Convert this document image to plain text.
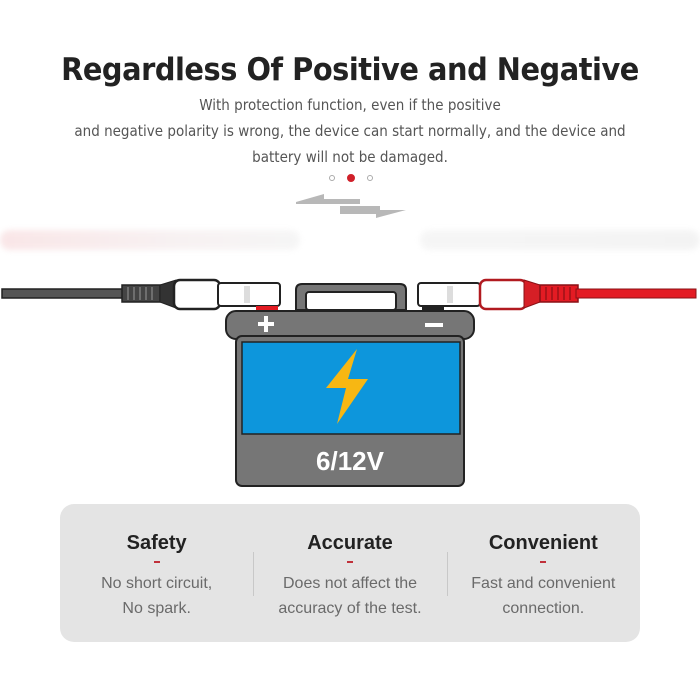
Regardless Of Positive and Negative
With protection function, even if the positive
and negative polarity is wrong, the device can start normally, and the device and
battery will not be damaged.
6/12V
Safety
No short circuit,
No spark.
Accurate
Does not affect the
accuracy of the test.
Convenient
Fast and convenient
connection.
